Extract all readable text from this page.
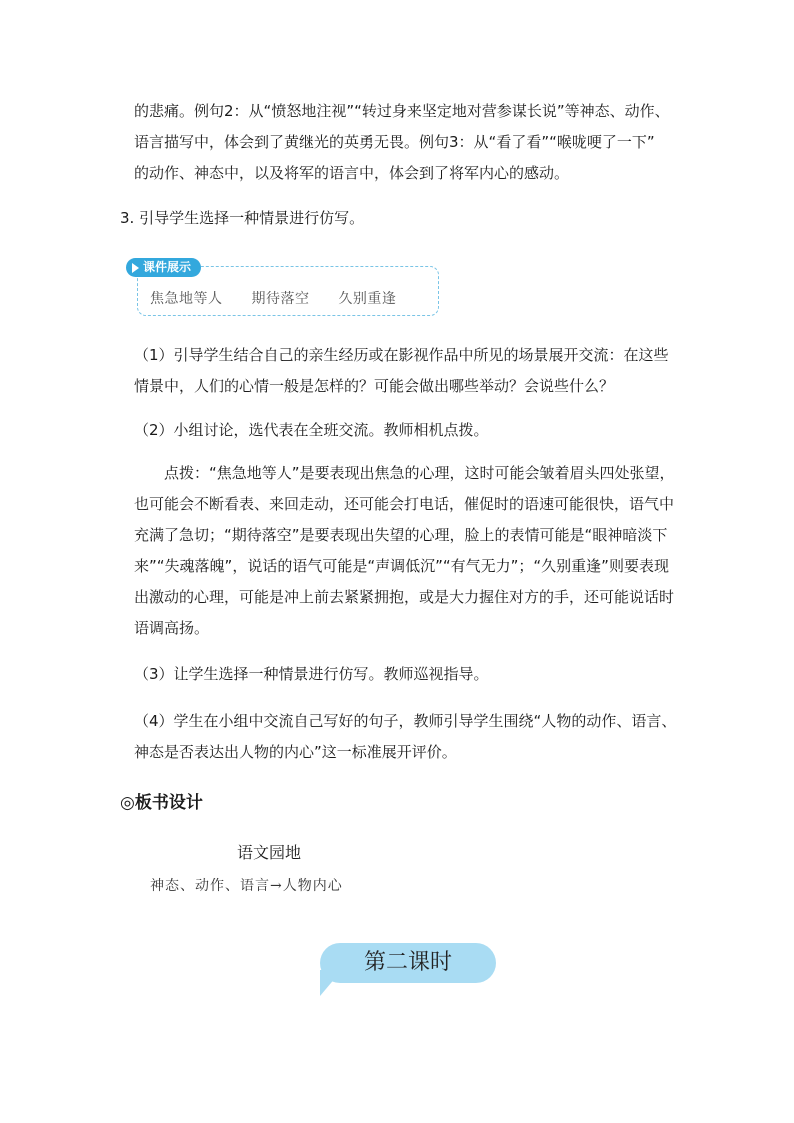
的悲痛。例句2：从“愤怒地注视”“转过身来坚定地对营参谋长说”等神态、动作、
语言描写中，体会到了黄继光的英勇无畏。例句3：从“看了看”“喉咙哽了一下”
的动作、神态中，以及将军的语言中，体会到了将军内心的感动。

3. 引导学生选择一种情景进行仿写。

课件展示
焦急地等人 期待落空 久别重逢

（1）引导学生结合自己的亲生经历或在影视作品中所见的场景展开交流：在这些情景中，人们的心情一般是怎样的？可能会做出哪些举动？会说些什么？

（2）小组讨论，选代表在全班交流。教师相机点拨。

点拨：“焦急地等人”是要表现出焦急的心理，这时可能会皱着眉头四处张望，也可能会不断看表、来回走动，还可能会打电话，催促时的语速可能很快，语气中充满了急切；“期待落空”是要表现出失望的心理，脸上的表情可能是“眼神暗淡下来”“失魂落魄”，说话的语气可能是“声调低沉”“有气无力”；“久别重逢”则要表现出激动的心理，可能是冲上前去紧紧拥抱，或是大力握住对方的手，还可能说话时语调高扬。

（3）让学生选择一种情景进行仿写。教师巡视指导。

（4）学生在小组中交流自己写好的句子，教师引导学生围绕“人物的动作、语言、神态是否表达出人物的内心”这一标准展开评价。

◎板书设计
语文园地
神态、动作、语言→人物内心
第二课时
